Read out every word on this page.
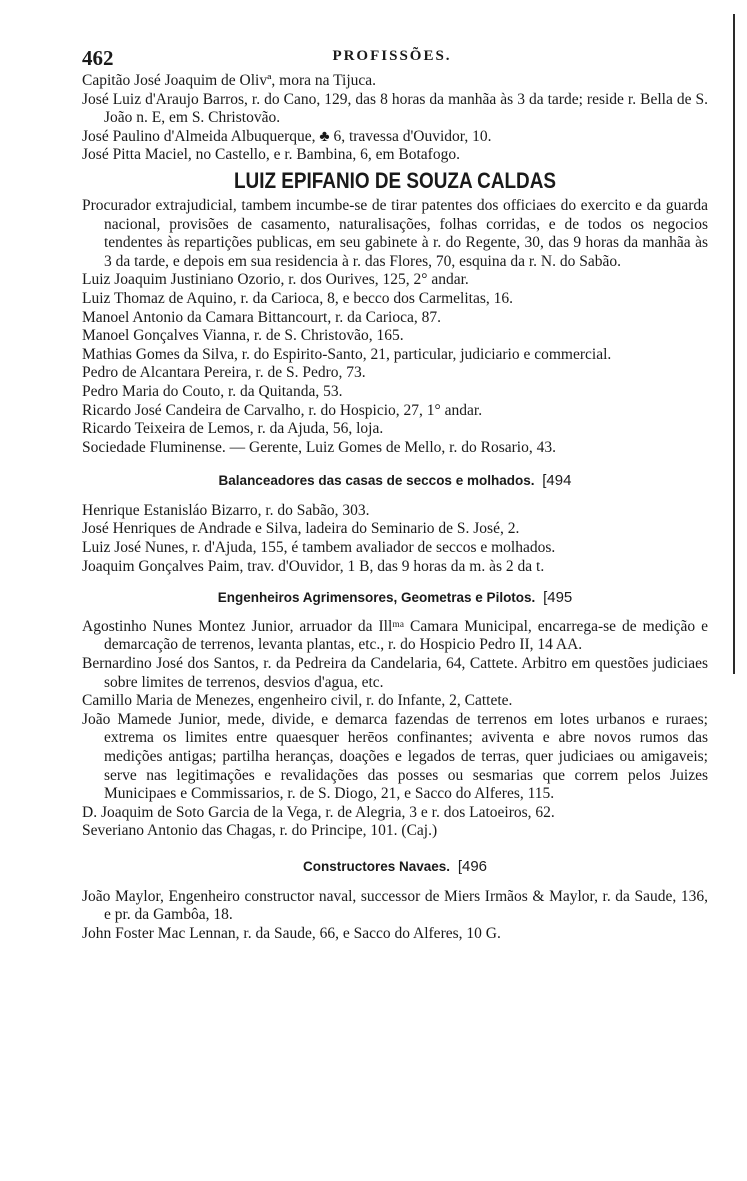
462	PROFISSÕES.
Capitão José Joaquim de Olivª, mora na Tijuca.
José Luiz d'Araujo Barros, r. do Cano, 129, das 8 horas da manhãa às 3 da tarde; reside r. Bella de S. João n. E, em S. Christovão.
José Paulino d'Almeida Albuquerque, ♣ 6, travessa d'Ouvidor, 10.
José Pitta Maciel, no Castello, e r. Bambina, 6, em Botafogo.
LUIZ EPIFANIO DE SOUZA CALDAS
Procurador extrajudicial, tambem incumbe-se de tirar patentes dos officiaes do exercito e da guarda nacional, provisões de casamento, naturalisações, folhas corridas, e de todos os negocios tendentes às repartições publicas, em seu gabinete à r. do Regente, 30, das 9 horas da manhãa às 3 da tarde, e depois em sua residencia à r. das Flores, 70, esquina da r. N. do Sabão.
Luiz Joaquim Justiniano Ozorio, r. dos Ourives, 125, 2° andar.
Luiz Thomaz de Aquino, r. da Carioca, 8, e becco dos Carmelitas, 16.
Manoel Antonio da Camara Bittancourt, r. da Carioca, 87.
Manoel Gonçalves Vianna, r. de S. Christovão, 165.
Mathias Gomes da Silva, r. do Espirito-Santo, 21, particular, judiciario e commercial.
Pedro de Alcantara Pereira, r. de S. Pedro, 73.
Pedro Maria do Couto, r. da Quitanda, 53.
Ricardo José Candeira de Carvalho, r. do Hospicio, 27, 1° andar.
Ricardo Teixeira de Lemos, r. da Ajuda, 56, loja.
Sociedade Fluminense. — Gerente, Luiz Gomes de Mello, r. do Rosario, 43.
Balanceadores das casas de seccos e molhados. [494
Henrique Estanisláo Bizarro, r. do Sabão, 303.
José Henriques de Andrade e Silva, ladeira do Seminario de S. José, 2.
Luiz José Nunes, r. d'Ajuda, 155, é tambem avaliador de seccos e molhados.
Joaquim Gonçalves Paim, trav. d'Ouvidor, 1 B, das 9 horas da m. às 2 da t.
Engenheiros Agrimensores, Geometras e Pilotos. [495
Agostinho Nunes Montez Junior, arruador da Illᵐᵃ Camara Municipal, encarrega-se de medição e demarcação de terrenos, levanta plantas, etc., r. do Hospicio Pedro II, 14 AA.
Bernardino José dos Santos, r. da Pedreira da Candelaria, 64, Cattete. Arbitro em questões judiciaes sobre limites de terrenos, desvios d'agua, etc.
Camillo Maria de Menezes, engenheiro civil, r. do Infante, 2, Cattete.
João Mamede Junior, mede, divide, e demarca fazendas de terrenos em lotes urbanos e ruraes; extrema os limites entre quaesquer herēos confinantes; aviventa e abre novos rumos das medições antigas; partilha heranças, doações e legados de terras, quer judiciaes ou amigaveis; serve nas legitimações e revalidações das posses ou sesmarias que correm pelos Juizes Municipaes e Commissarios, r. de S. Diogo, 21, e Sacco do Alferes, 115.
D. Joaquim de Soto Garcia de la Vega, r. de Alegria, 3 e r. dos Latoeiros, 62.
Severiano Antonio das Chagas, r. do Principe, 101. (Caj.)
Constructores Navaes. [496
João Maylor, Engenheiro constructor naval, successor de Miers Irmãos & Maylor, r. da Saude, 136, e pr. da Gambôa, 18.
John Foster Mac Lennan, r. da Saude, 66, e Sacco do Alferes, 10 G.
